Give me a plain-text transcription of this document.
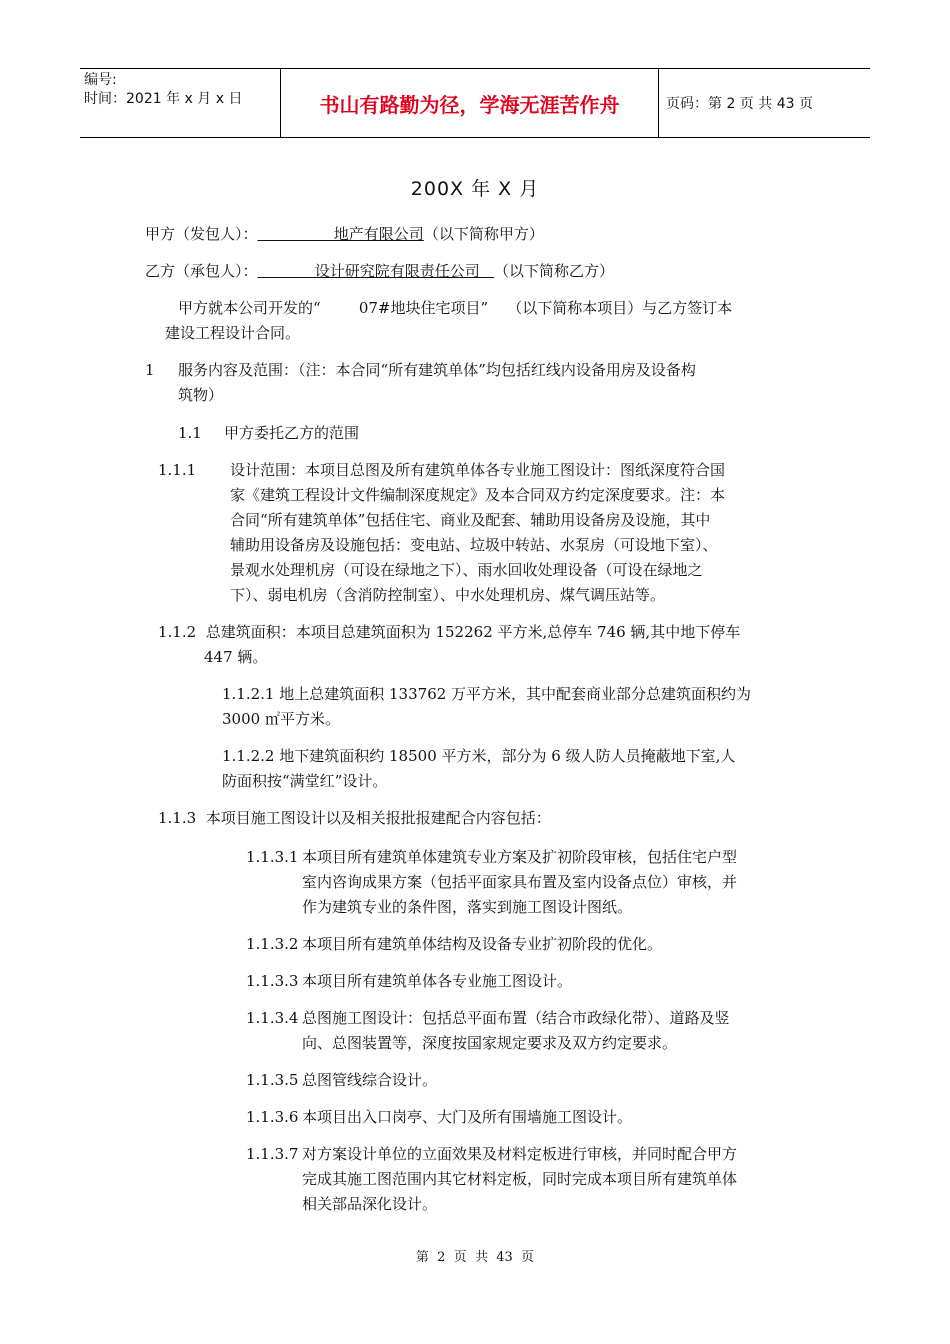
编号:
时间：2021 年 x 月 x 日	书山有路勤为径，学海无涯苦作舟	页码：第 2 页 共 43 页
200X 年 X 月
甲方（发包人）：                地产有限公司（以下简称甲方）
乙方（承包人）：            设计研究院有限责任公司   （以下简称乙方）
甲方就本公司开发的“        07#地块住宅项目”    （以下简称本项目）与乙方签订本
建设工程设计合同。
1 服务内容及范围：（注：本合同“所有建筑单体”均包括红线内设备用房及设备构
筑物）
1.1 甲方委托乙方的范围
1.1.1 设计范围：本项目总图及所有建筑单体各专业施工图设计：图纸深度符合国
家《建筑工程设计文件编制深度规定》及本合同双方约定深度要求。注：本
合同“所有建筑单体”包括住宅、商业及配套、辅助用设备房及设施，其中
辅助用设备房及设施包括：变电站、垃圾中转站、水泵房（可设地下室）、
景观水处理机房（可设在绿地之下）、雨水回收处理设备（可设在绿地之
下）、弱电机房（含消防控制室）、中水处理机房、煤气调压站等。
1.1.2  总建筑面积：本项目总建筑面积为 152262 平方米,总停车 746 辆,其中地下停车
447 辆。
1.1.2.1 地上总建筑面积 133762 万平方米，其中配套商业部分总建筑面积约为
3000 ㎡平方米。
1.1.2.2 地下建筑面积约 18500 平方米，部分为 6 级人防人员掩蔽地下室,人
防面积按“满堂红”设计。
1.1.3  本项目施工图设计以及相关报批报建配合内容包括：
1.1.3.1 本项目所有建筑单体建筑专业方案及扩初阶段审核，包括住宅户型
室内咨询成果方案（包括平面家具布置及室内设备点位）审核，并
作为建筑专业的条件图，落实到施工图设计图纸。
1.1.3.2 本项目所有建筑单体结构及设备专业扩初阶段的优化。
1.1.3.3 本项目所有建筑单体各专业施工图设计。
1.1.3.4 总图施工图设计：包括总平面布置（结合市政绿化带）、道路及竖
向、总图装置等，深度按国家规定要求及双方约定要求。
1.1.3.5 总图管线综合设计。
1.1.3.6 本项目出入口岗亭、大门及所有围墙施工图设计。
1.1.3.7 对方案设计单位的立面效果及材料定板进行审核，并同时配合甲方
完成其施工图范围内其它材料定板，同时完成本项目所有建筑单体
相关部品深化设计。
第  2  页  共  43  页
